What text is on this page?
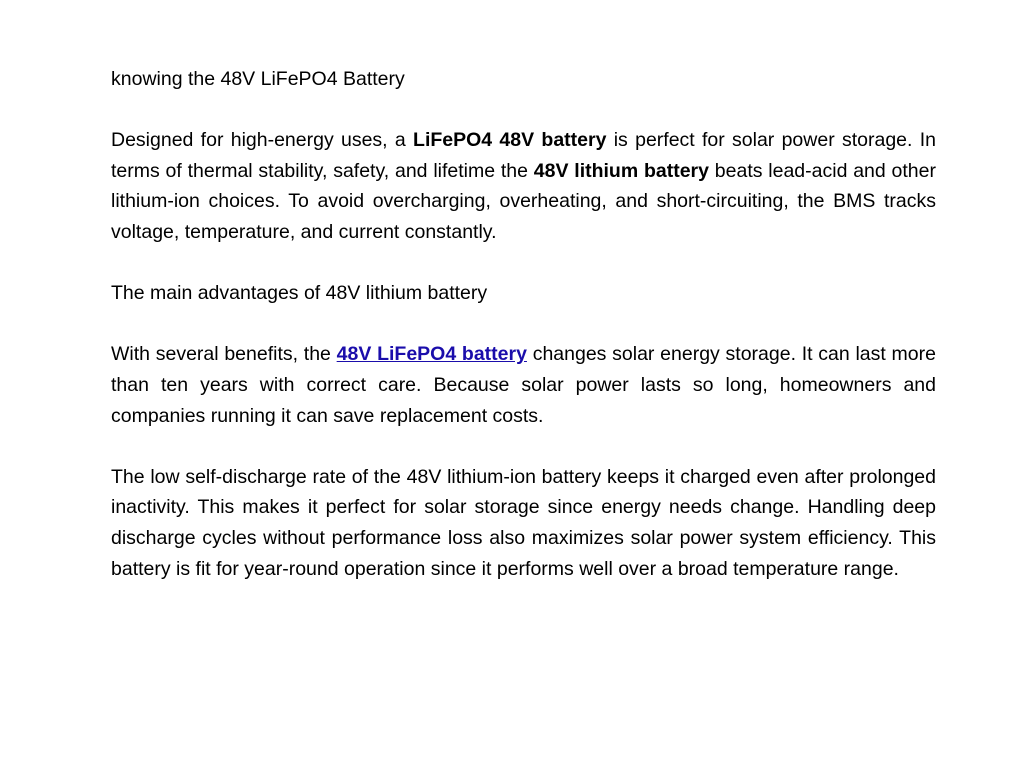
knowing the 48V LiFePO4 Battery

Designed for high-energy uses, a LiFePO4 48V battery is perfect for solar power storage. In terms of thermal stability, safety, and lifetime the 48V lithium battery beats lead-acid and other lithium-ion choices. To avoid overcharging, overheating, and short-circuiting, the BMS tracks voltage, temperature, and current constantly.

The main advantages of 48V lithium battery

With several benefits, the 48V LiFePO4 battery changes solar energy storage. It can last more than ten years with correct care. Because solar power lasts so long, homeowners and companies running it can save replacement costs.

The low self-discharge rate of the 48V lithium-ion battery keeps it charged even after prolonged inactivity. This makes it perfect for solar storage since energy needs change. Handling deep discharge cycles without performance loss also maximizes solar power system efficiency. This battery is fit for year-round operation since it performs well over a broad temperature range.
